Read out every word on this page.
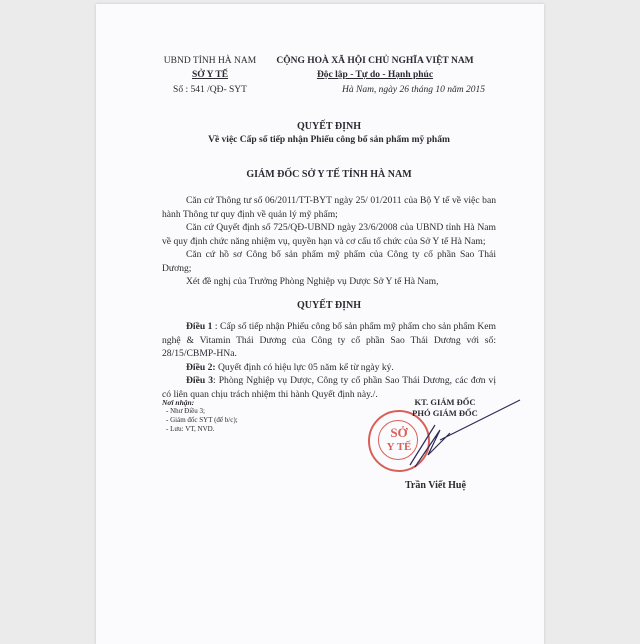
UBND TỈNH HÀ NAM
SỞ Y TẾ
Số : 541 /QĐ- SYT
CỘNG HOÀ XÃ HỘI CHỦ NGHĨA VIỆT NAM
Độc lập - Tự do - Hạnh phúc
Hà Nam, ngày 26 tháng 10 năm 2015
QUYẾT ĐỊNH
Về việc Cấp số tiếp nhận Phiếu công bố sản phẩm mỹ phẩm
GIÁM ĐỐC SỞ Y TẾ TỈNH HÀ NAM
Căn cứ Thông tư số 06/2011/TT-BYT ngày 25/ 01/2011 của Bộ Y tế về việc ban hành Thông tư quy định về quản lý mỹ phẩm;
Căn cứ Quyết định số 725/QĐ-UBND ngày 23/6/2008 của UBND tỉnh Hà Nam về quy định chức năng nhiệm vụ, quyền hạn và cơ cấu tổ chức của Sở Y tế Hà Nam;
Căn cứ hồ sơ Công bố sản phẩm mỹ phẩm của Công ty cổ phần Sao Thái Dương;
Xét đề nghị của Trưởng Phòng Nghiệp vụ Dược Sở Y tế Hà Nam,
QUYẾT ĐỊNH
Điều 1 : Cấp số tiếp nhận Phiếu công bố sản phẩm mỹ phẩm cho sản phẩm Kem nghệ & Vitamin Thái Dương của Công ty cổ phần Sao Thái Dương với số: 28/15/CBMP-HNa.
Điều 2: Quyết định có hiệu lực 05 năm kể từ ngày ký.
Điều 3: Phòng Nghiệp vụ Dược, Công ty cổ phần Sao Thái Dương, các đơn vị có liên quan chịu trách nhiệm thi hành Quyết định này./.
Nơi nhận:
- Như Điều 3;
- Giám đốc SYT (để b/c);
- Lưu: VT, NVD.	SỞ
Y TẾ
KT. GIÁM ĐỐC
PHÓ GIÁM ĐỐC
Trần Viết Huệ
